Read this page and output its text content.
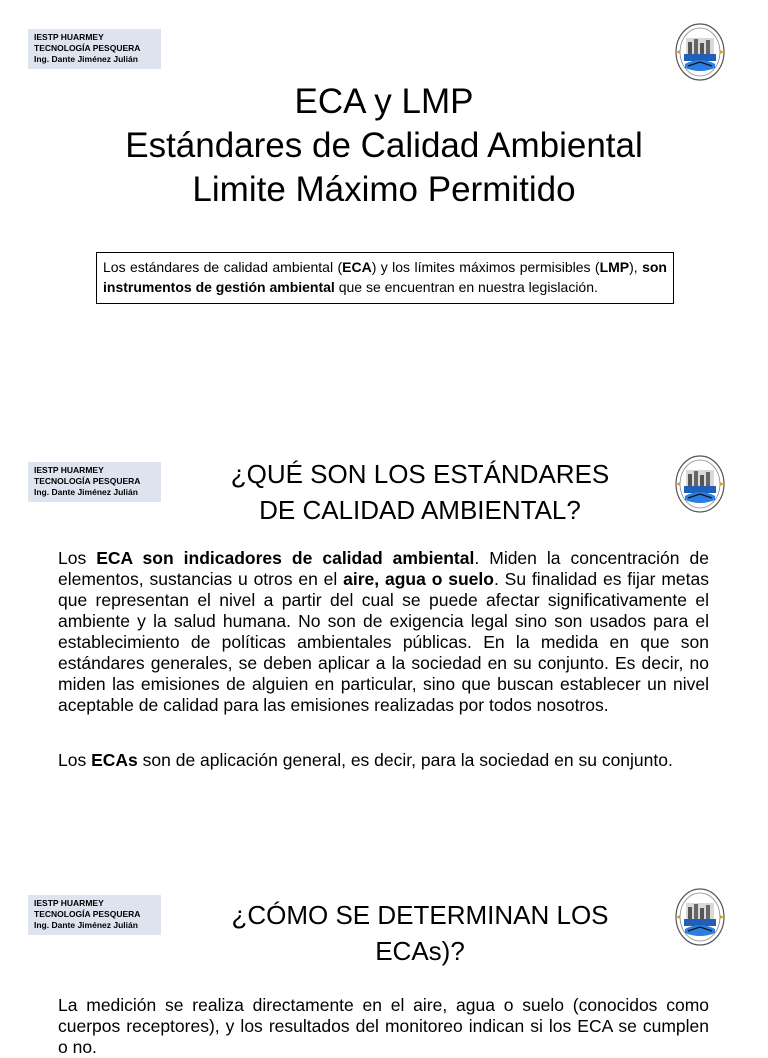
IESTP HUARMEY
TECNOLOGÍA PESQUERA
Ing. Dante Jiménez Julián
ECA y LMP
Estándares de Calidad Ambiental
Limite Máximo Permitido
Los estándares de calidad ambiental (ECA) y los límites máximos permisibles (LMP), son instrumentos de gestión ambiental que se encuentran en nuestra legislación.
IESTP HUARMEY
TECNOLOGÍA PESQUERA
Ing. Dante Jiménez Julián
¿QUÉ SON LOS ESTÁNDARES
DE CALIDAD AMBIENTAL?

Los ECA son indicadores de calidad ambiental. Miden la concentración de elementos, sustancias u otros en el aire, agua o suelo. Su finalidad es fijar metas que representan el nivel a partir del cual se puede afectar significativamente el ambiente y la salud humana. No son de exigencia legal sino son usados para el establecimiento de políticas ambientales públicas. En la medida en que son estándares generales, se deben aplicar a la sociedad en su conjunto. Es decir, no miden las emisiones de alguien en particular, sino que buscan establecer un nivel aceptable de calidad para las emisiones realizadas por todos nosotros.

Los ECAs son de aplicación general, es decir, para la sociedad en su conjunto.

IESTP HUARMEY
TECNOLOGÍA PESQUERA
Ing. Dante Jiménez Julián	¿CÓMO SE DETERMINAN LOS
ECAs)?

La medición se realiza directamente en el aire, agua o suelo (conocidos como cuerpos receptores), y los resultados del monitoreo indican si los ECA se cumplen o no.
